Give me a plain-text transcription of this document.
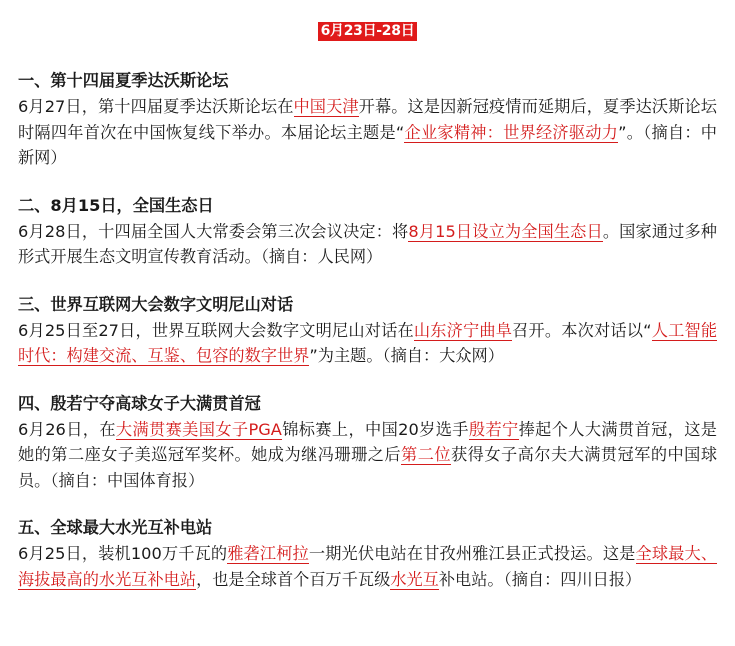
6月23日-28日
一、第十四届夏季达沃斯论坛

6月27日，第十四届夏季达沃斯论坛在中国天津开幕。这是因新冠疫情而延期后，夏季达沃斯论坛时隔四年首次在中国恢复线下举办。本届论坛主题是“企业家精神：世界经济驱动力”。（摘自：中新网）

二、8月15日，全国生态日

6月28日，十四届全国人大常委会第三次会议决定：将8月15日设立为全国生态日。国家通过多种形式开展生态文明宣传教育活动。（摘自：人民网）

三、世界互联网大会数字文明尼山对话

6月25日至27日，世界互联网大会数字文明尼山对话在山东济宁曲阜召开。本次对话以“人工智能时代：构建交流、互鉴、包容的数字世界”为主题。（摘自：大众网）

四、殷若宁夺高球女子大满贯首冠

6月26日，在大满贯赛美国女子PGA锦标赛上，中国20岁选手殷若宁捧起个人大满贯首冠，这是她的第二座女子美巡冠军奖杯。她成为继冯珊珊之后第二位获得女子高尔夫大满贯冠军的中国球员。（摘自：中国体育报）

五、全球最大水光互补电站

6月25日，装机100万千瓦的雅砻江柯拉一期光伏电站在甘孜州雅江县正式投运。这是全球最大、海拔最高的水光互补电站，也是全球首个百万千瓦级水光互补电站。（摘自：四川日报）
